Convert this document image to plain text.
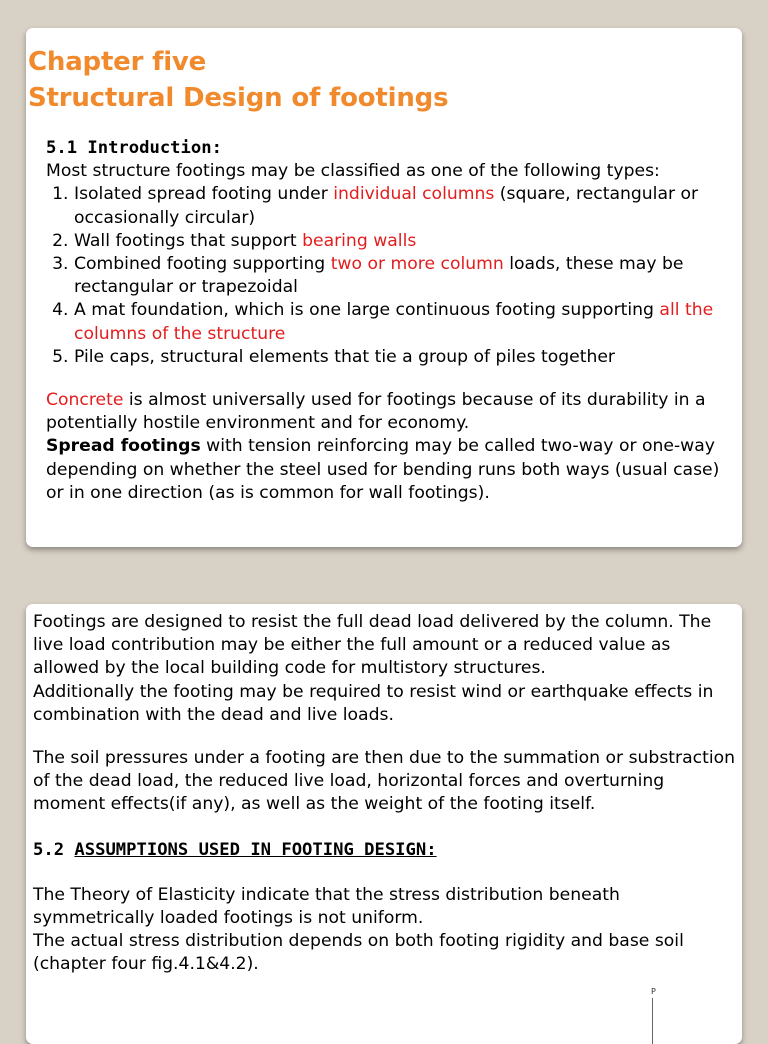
Chapter five
Structural Design of footings
5.1 Introduction:

Most structure footings may be classified as one of the following types:

1. Isolated spread footing under individual columns (square, rectangular or occasionally circular)
2. Wall footings that support bearing walls
3. Combined footing supporting two or more column loads, these may be rectangular or trapezoidal
4. A mat foundation, which is one large continuous footing supporting all the columns of the structure
5. Pile caps, structural elements that tie a group of piles together

Concrete is almost universally used for footings because of its durability in a potentially hostile environment and for economy.

Spread footings with tension reinforcing may be called two-way or one-way depending on whether the steel used for bending runs both ways (usual case) or in one direction (as is common for wall footings).

Footings are designed to resist the full dead load delivered by the column. The live load contribution may be either the full amount or a reduced value as allowed by the local building code for multistory structures.

Additionally the footing may be required to resist wind or earthquake effects in combination with the dead and live loads.

The soil pressures under a footing are then due to the summation or substraction of the dead load, the reduced live load, horizontal forces and overturning moment effects(if any), as well as the weight of the footing itself.

5.2 ASSUMPTIONS USED IN FOOTING DESIGN:

The Theory of Elasticity indicate that the stress distribution beneath symmetrically loaded footings is not uniform.

The actual stress distribution depends on both footing rigidity and base soil (chapter four fig.4.1&4.2).

P
